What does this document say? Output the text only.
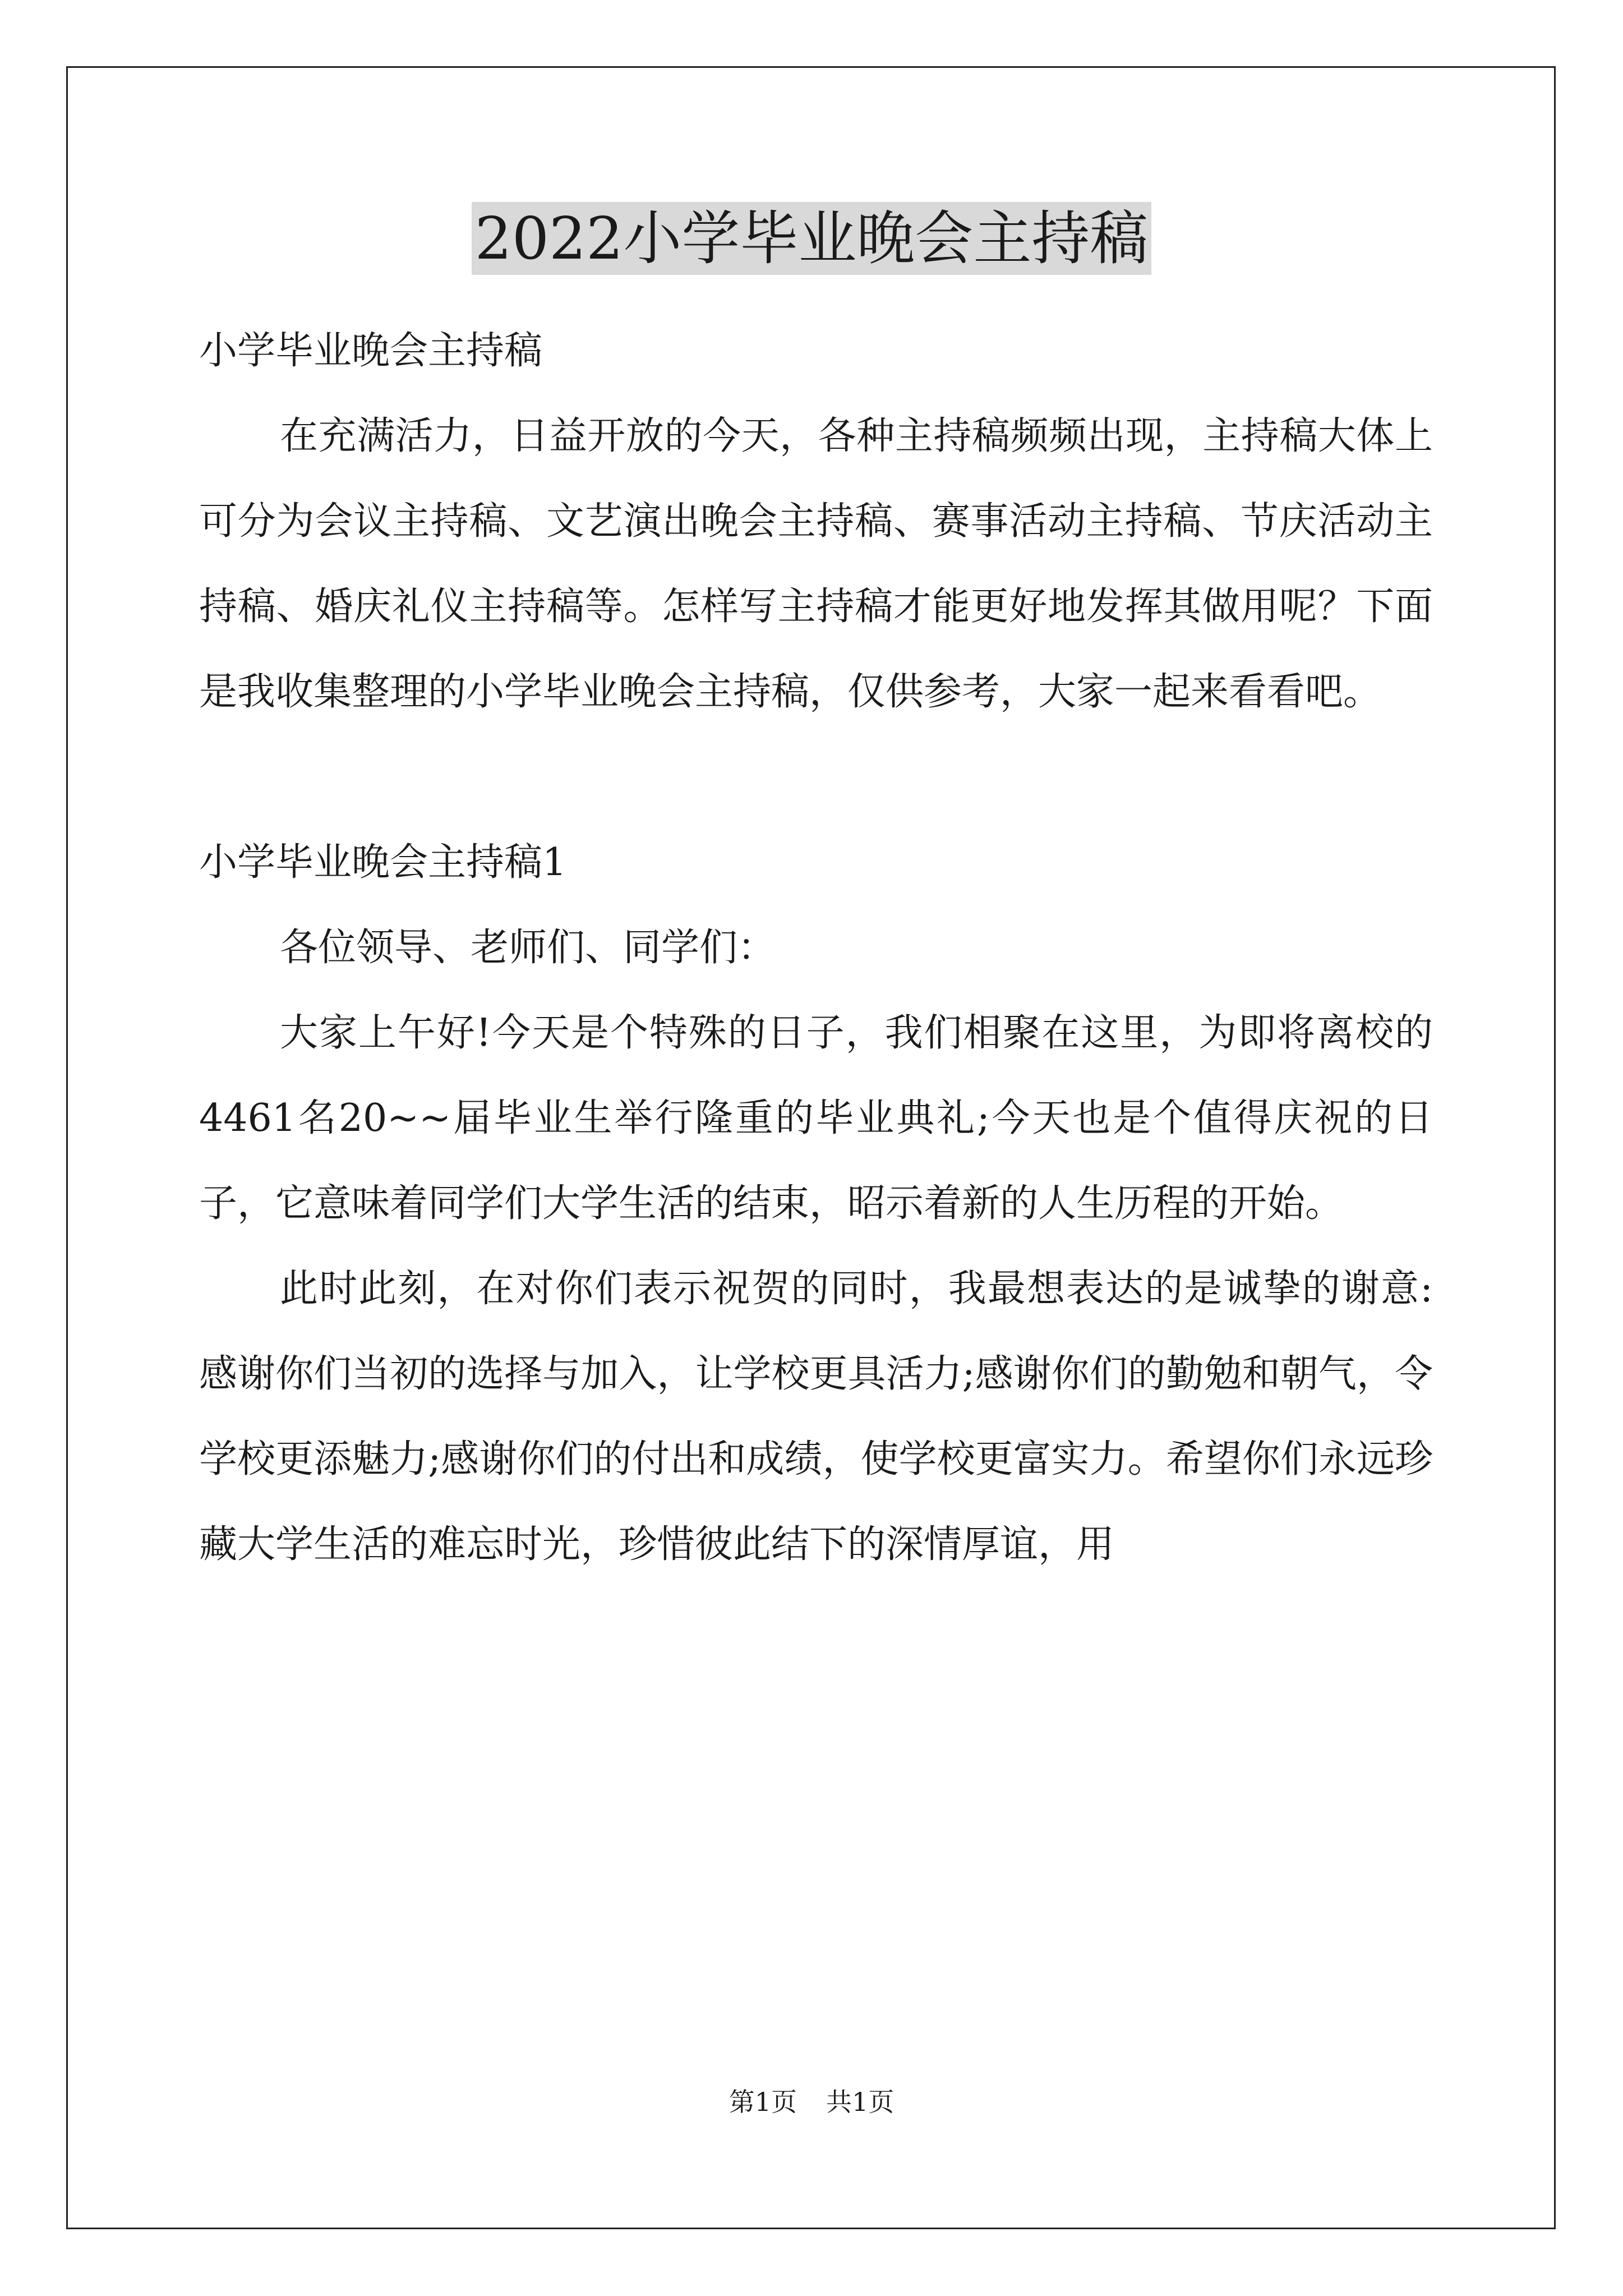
2022小学毕业晚会主持稿

小学毕业晚会主持稿

在充满活力，日益开放的今天，各种主持稿频频出现，主持稿大体上可分为会议主持稿、文艺演出晚会主持稿、赛事活动主持稿、节庆活动主持稿、婚庆礼仪主持稿等。怎样写主持稿才能更好地发挥其做用呢？下面是我收集整理的小学毕业晚会主持稿，仅供参考，大家一起来看看吧。

小学毕业晚会主持稿1

各位领导、老师们、同学们：

大家上午好!今天是个特殊的日子，我们相聚在这里，为即将离校的4461名20~~届毕业生举行隆重的毕业典礼;今天也是个值得庆祝的日子，它意味着同学们大学生活的结束，昭示着新的人生历程的开始。

此时此刻，在对你们表示祝贺的同时，我最想表达的是诚挚的谢意:感谢你们当初的选择与加入，让学校更具活力;感谢你们的勤勉和朝气，令学校更添魅力;感谢你们的付出和成绩，使学校更富实力。希望你们永远珍藏大学生活的难忘时光，珍惜彼此结下的深情厚谊，用

第1页 共1页
